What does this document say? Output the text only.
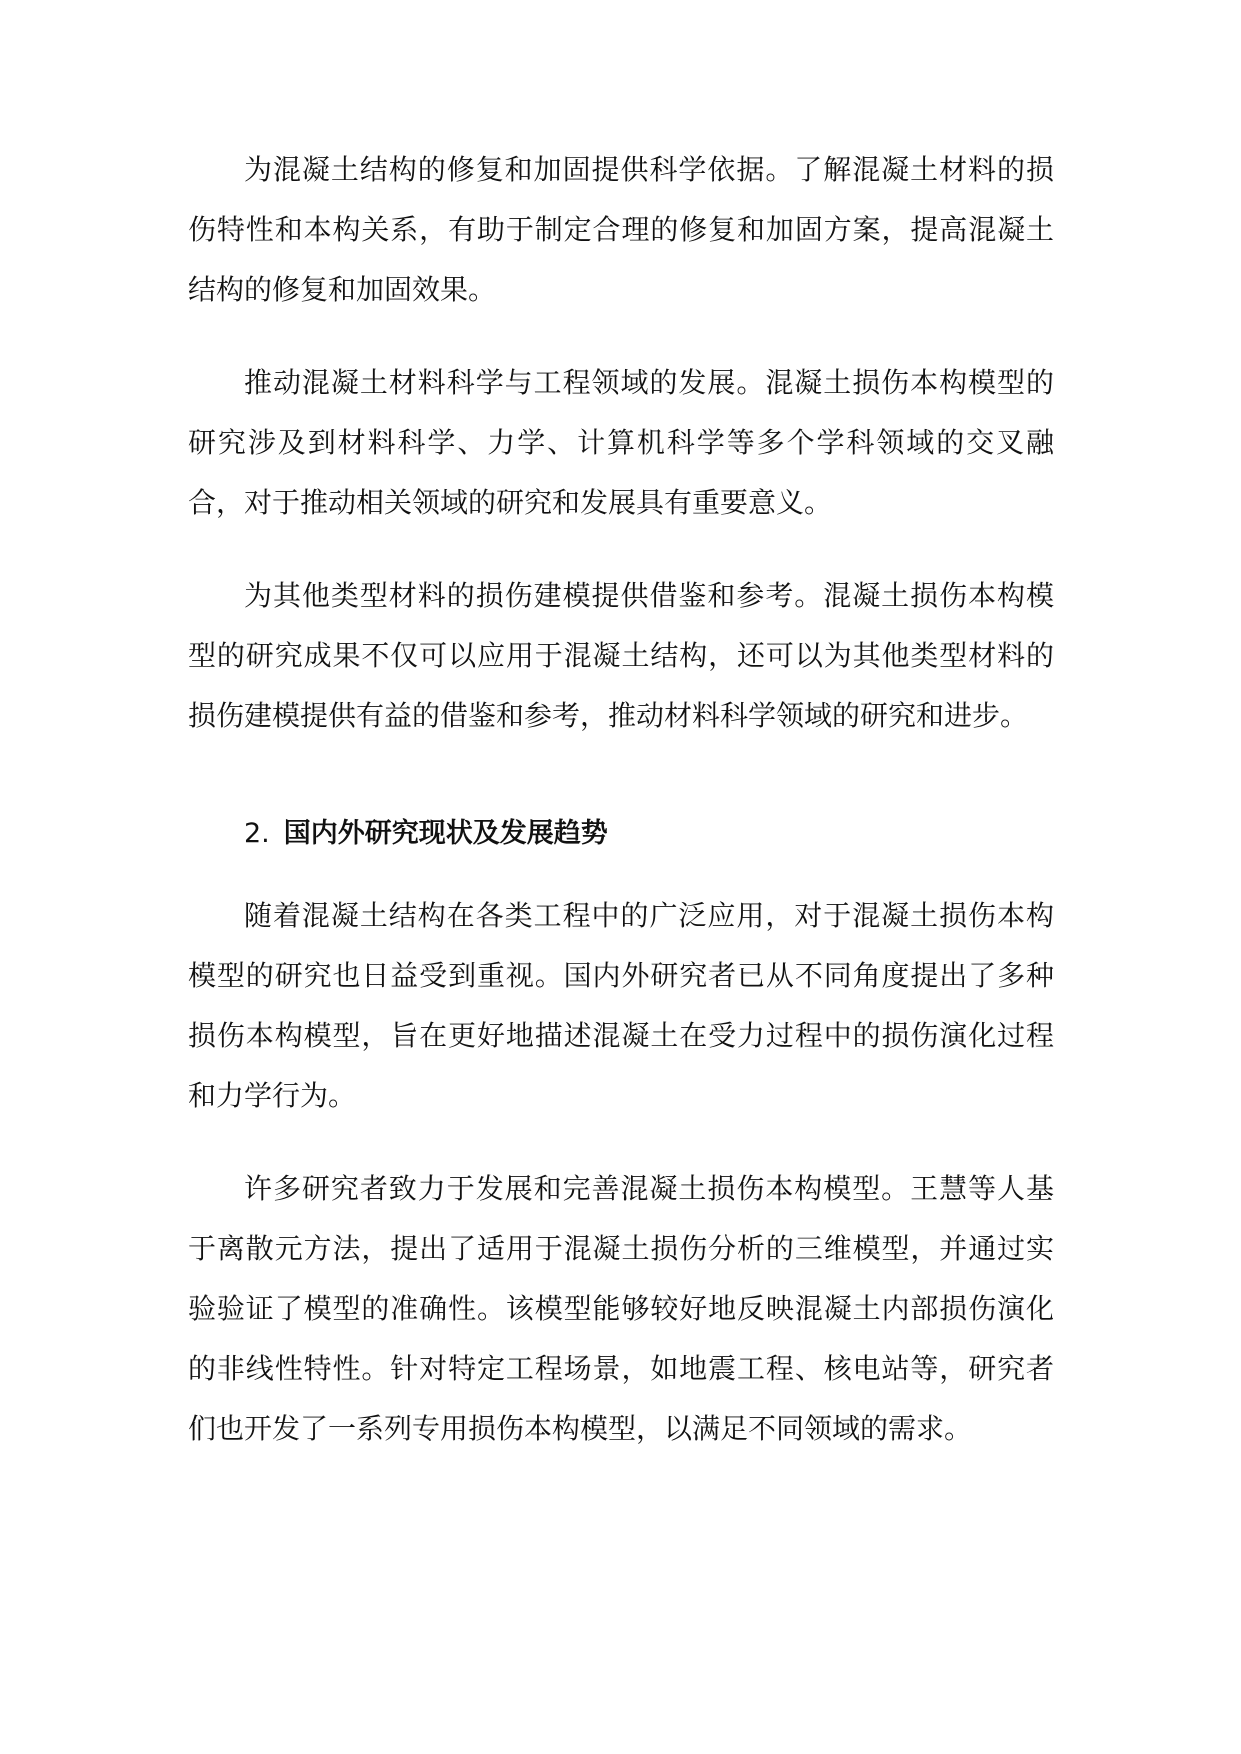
为混凝土结构的修复和加固提供科学依据。了解混凝土材料的损伤特性和本构关系，有助于制定合理的修复和加固方案，提高混凝土结构的修复和加固效果。

推动混凝土材料科学与工程领域的发展。混凝土损伤本构模型的研究涉及到材料科学、力学、计算机科学等多个学科领域的交叉融合，对于推动相关领域的研究和发展具有重要意义。

为其他类型材料的损伤建模提供借鉴和参考。混凝土损伤本构模型的研究成果不仅可以应用于混凝土结构，还可以为其他类型材料的损伤建模提供有益的借鉴和参考，推动材料科学领域的研究和进步。

2. 国内外研究现状及发展趋势

随着混凝土结构在各类工程中的广泛应用，对于混凝土损伤本构模型的研究也日益受到重视。国内外研究者已从不同角度提出了多种损伤本构模型，旨在更好地描述混凝土在受力过程中的损伤演化过程和力学行为。

许多研究者致力于发展和完善混凝土损伤本构模型。王慧等人基于离散元方法，提出了适用于混凝土损伤分析的三维模型，并通过实验验证了模型的准确性。该模型能够较好地反映混凝土内部损伤演化的非线性特性。针对特定工程场景，如地震工程、核电站等，研究者们也开发了一系列专用损伤本构模型，以满足不同领域的需求。
